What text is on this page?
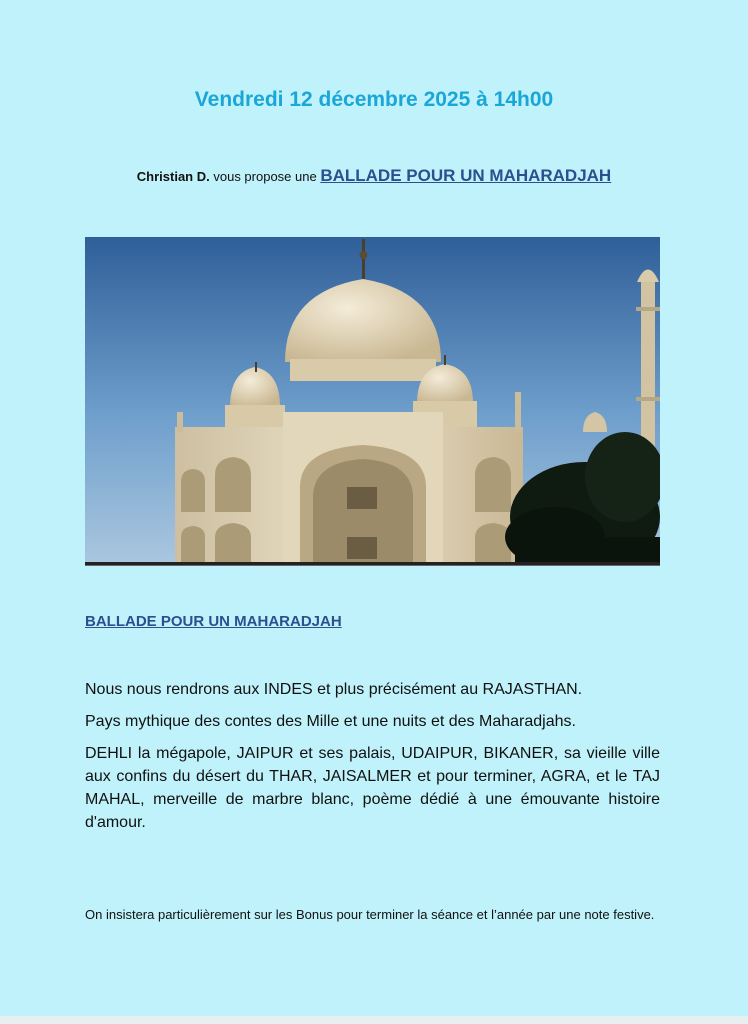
Vendredi 12 décembre 2025 à 14h00
Christian D. vous propose une BALLADE POUR UN MAHARADJAH
BALLADE POUR UN MAHARADJAH

Nous nous rendrons aux INDES et plus précisément au RAJASTHAN.

Pays mythique des contes des Mille et une nuits et des Maharadjahs.

DEHLI la mégapole, JAIPUR et ses palais, UDAIPUR, BIKANER, sa vieille ville aux confins du désert du THAR, JAISALMER et pour terminer, AGRA, et le TAJ MAHAL, merveille de marbre blanc, poème dédié à une émouvante histoire d'amour.

On insistera particulièrement sur les Bonus pour terminer la séance et l’année par une note festive.
